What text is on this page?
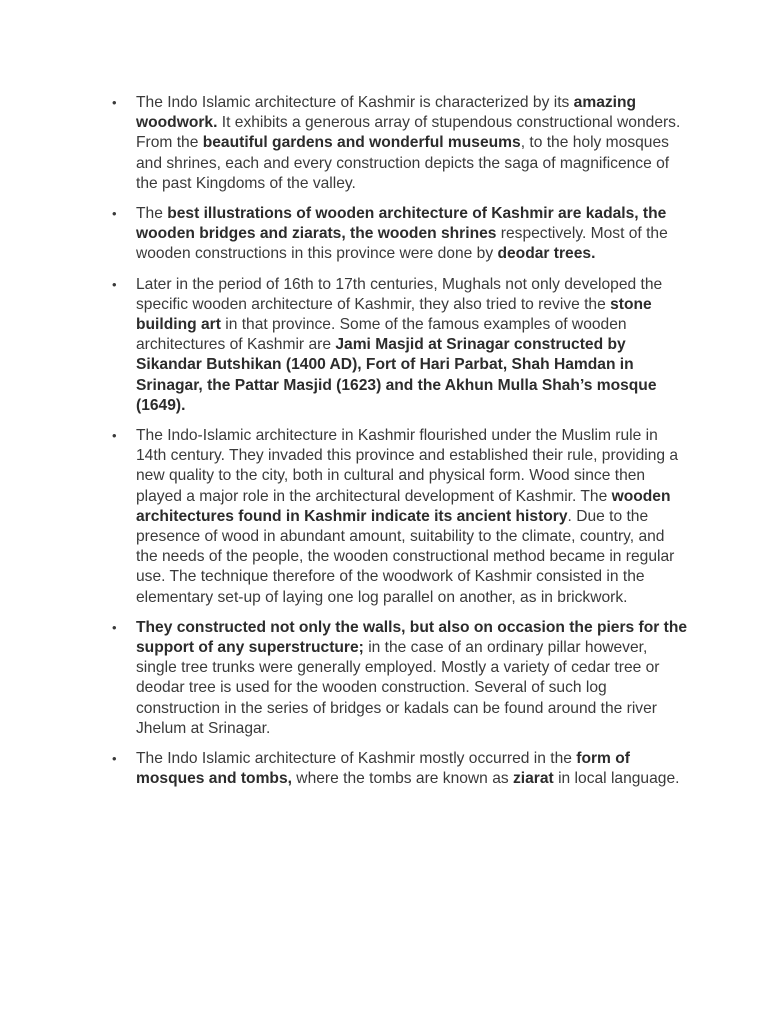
• The Indo Islamic architecture of Kashmir is characterized by its amazing woodwork. It exhibits a generous array of stupendous constructional wonders. From the beautiful gardens and wonderful museums, to the holy mosques and shrines, each and every construction depicts the saga of magnificence of the past Kingdoms of the valley.
• The best illustrations of wooden architecture of Kashmir are kadals, the wooden bridges and ziarats, the wooden shrines respectively. Most of the wooden constructions in this province were done by deodar trees.
• Later in the period of 16th to 17th centuries, Mughals not only developed the specific wooden architecture of Kashmir, they also tried to revive the stone building art in that province. Some of the famous examples of wooden architectures of Kashmir are Jami Masjid at Srinagar constructed by Sikandar Butshikan (1400 AD), Fort of Hari Parbat, Shah Hamdan in Srinagar, the Pattar Masjid (1623) and the Akhun Mulla Shah’s mosque (1649).
• The Indo-Islamic architecture in Kashmir flourished under the Muslim rule in 14th century. They invaded this province and established their rule, providing a new quality to the city, both in cultural and physical form. Wood since then played a major role in the architectural development of Kashmir. The wooden architectures found in Kashmir indicate its ancient history. Due to the presence of wood in abundant amount, suitability to the climate, country, and the needs of the people, the wooden constructional method became in regular use. The technique therefore of the woodwork of Kashmir consisted in the elementary set-up of laying one log parallel on another, as in brickwork.
• They constructed not only the walls, but also on occasion the piers for the support of any superstructure; in the case of an ordinary pillar however, single tree trunks were generally employed. Mostly a variety of cedar tree or deodar tree is used for the wooden construction. Several of such log construction in the series of bridges or kadals can be found around the river Jhelum at Srinagar.
• The Indo Islamic architecture of Kashmir mostly occurred in the form of mosques and tombs, where the tombs are known as ziarat in local language.
